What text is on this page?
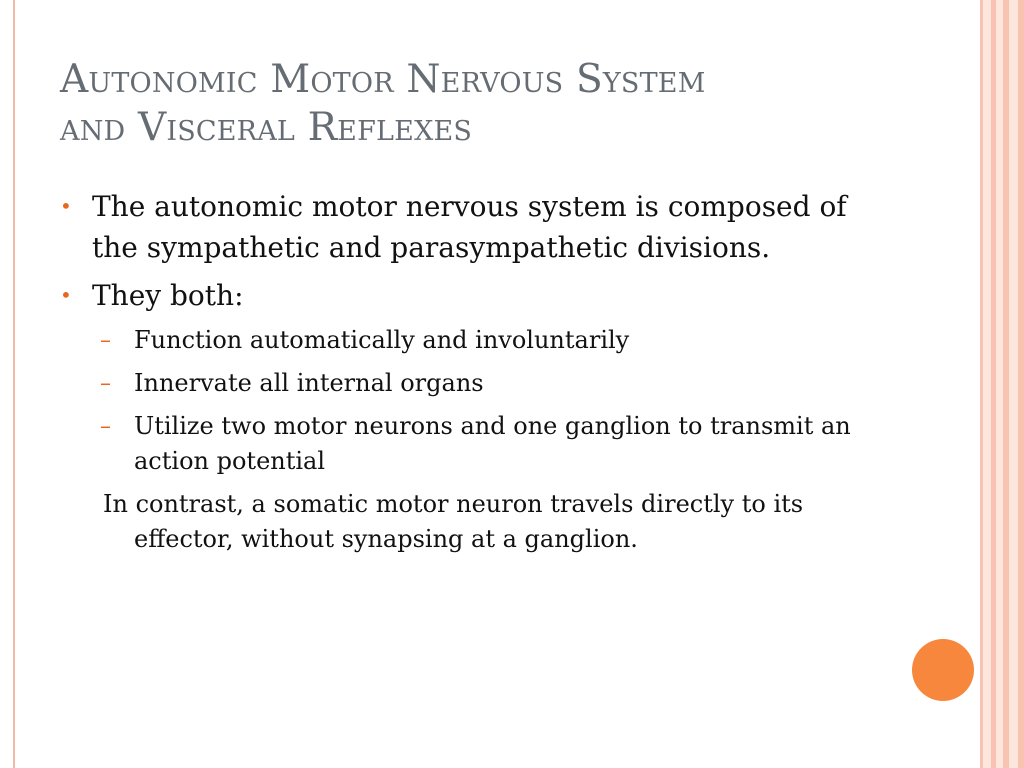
Autonomic Motor Nervous System
and Visceral Reflexes
• The autonomic motor nervous system is composed of the sympathetic and parasympathetic divisions.
• They both:
– Function automatically and involuntarily
– Innervate all internal organs
– Utilize two motor neurons and one ganglion to transmit an action potential
In contrast, a somatic motor neuron travels directly to its effector, without synapsing at a ganglion.
